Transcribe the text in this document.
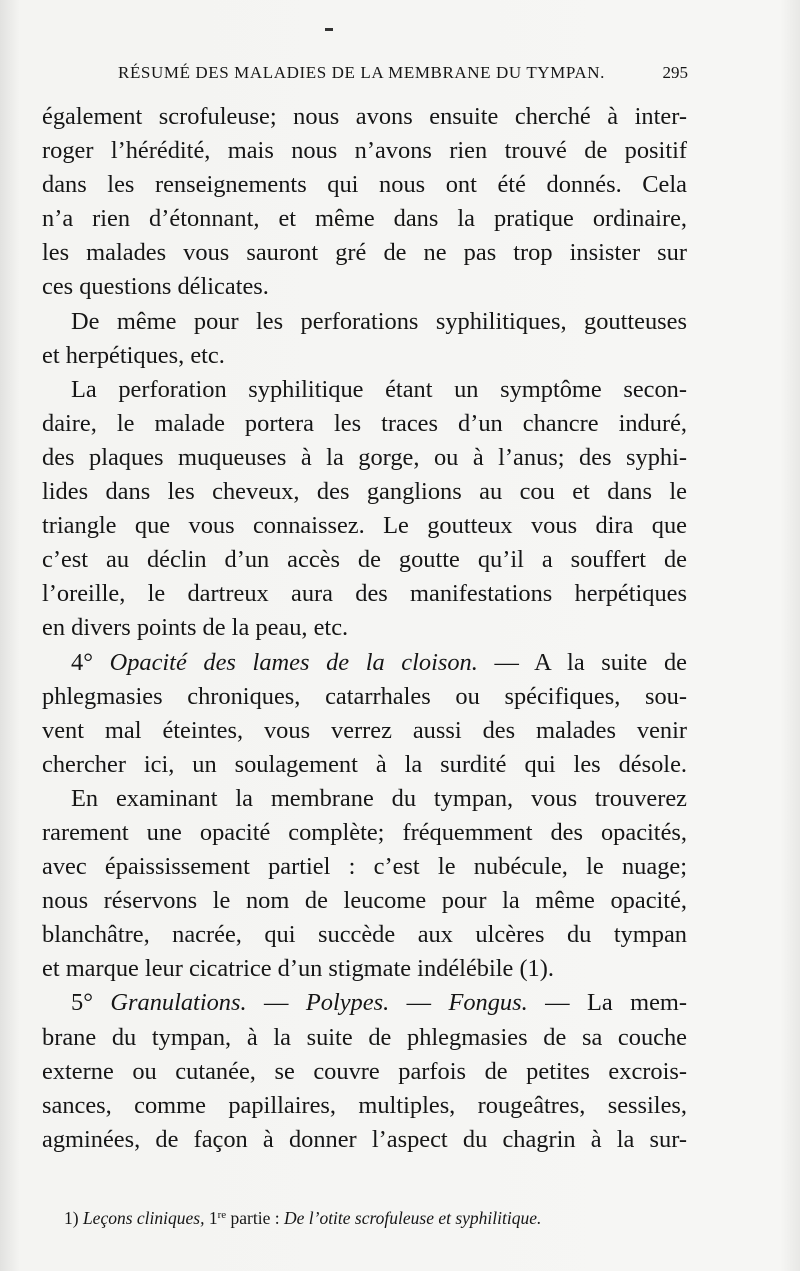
RÉSUMÉ DES MALADIES DE LA MEMBRANE DU TYMPAN.	295
également scrofuleuse; nous avons ensuite cherché à inter-
roger l’hérédité, mais nous n’avons rien trouvé de positif
dans les renseignements qui nous ont été donnés. Cela
n’a rien d’étonnant, et même dans la pratique ordinaire,
les malades vous sauront gré de ne pas trop insister sur
ces questions délicates.
De même pour les perforations syphilitiques, goutteuses
et herpétiques, etc.
La perforation syphilitique étant un symptôme secon-
daire, le malade portera les traces d’un chancre induré,
des plaques muqueuses à la gorge, ou à l’anus; des syphi-
lides dans les cheveux, des ganglions au cou et dans le
triangle que vous connaissez. Le goutteux vous dira que
c’est au déclin d’un accès de goutte qu’il a souffert de
l’oreille, le dartreux aura des manifestations herpétiques
en divers points de la peau, etc.
4° Opacité des lames de la cloison. — A la suite de
phlegmasies chroniques, catarrhales ou spécifiques, sou-
vent mal éteintes, vous verrez aussi des malades venir
chercher ici, un soulagement à la surdité qui les désole.
En examinant la membrane du tympan, vous trouverez
rarement une opacité complète; fréquemment des opacités,
avec épaississement partiel : c’est le nubécule, le nuage;
nous réservons le nom de leucome pour la même opacité,
blanchâtre, nacrée, qui succède aux ulcères du tympan
et marque leur cicatrice d’un stigmate indélébile (1).
5° Granulations. — Polypes. — Fongus. — La mem-
brane du tympan, à la suite de phlegmasies de sa couche
externe ou cutanée, se couvre parfois de petites excrois-
sances, comme papillaires, multiples, rougeâtres, sessiles,
agminées, de façon à donner l’aspect du chagrin à la sur-
1) Leçons cliniques, 1re partie : De l’otite scrofuleuse et syphilitique.
